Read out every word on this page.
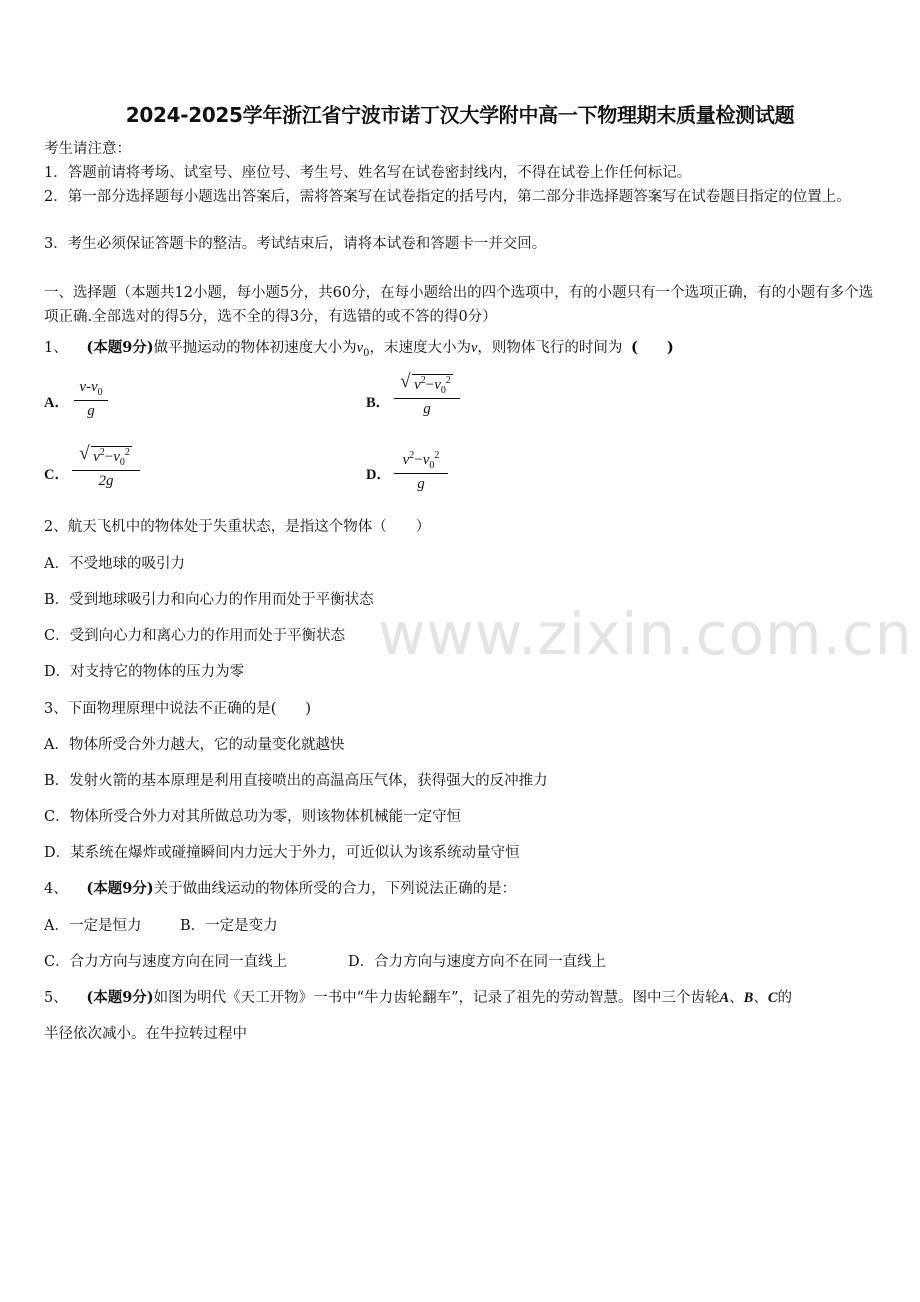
2024-2025学年浙江省宁波市诺丁汉大学附中高一下物理期末质量检测试题
考生请注意：
1．答题前请将考场、试室号、座位号、考生号、姓名写在试卷密封线内，不得在试卷上作任何标记。
2．第一部分选择题每小题选出答案后，需将答案写在试卷指定的括号内，第二部分非选择题答案写在试卷题目指定的位置上。
3．考生必须保证答题卡的整洁。考试结束后，请将本试卷和答题卡一并交回。
一、选择题（本题共12小题，每小题5分，共60分，在每小题给出的四个选项中，有的小题只有一个选项正确，有的小题有多个选项正确.全部选对的得5分，选不全的得3分，有选错的或不答的得0分）
1、 (本题9分)做平抛运动的物体初速度大小为$v_0$，末速度大小为v，则物体飞行的时间为 (　　)
A．
$v-v_0$
g	B．
√ $v^2-v_0^2$
g
C．
√ $v^2-v_0^2$
2g	D．
$v^2-v_0^2$
g
2、航天飞机中的物体处于失重状态，是指这个物体（　　）
A．不受地球的吸引力
B．受到地球吸引力和向心力的作用而处于平衡状态
C．受到向心力和离心力的作用而处于平衡状态
D．对支持它的物体的压力为零
3、下面物理原理中说法不正确的是(　　)
A．物体所受合外力越大，它的动量变化就越快
B．发射火箭的基本原理是利用直接喷出的高温高压气体，获得强大的反冲推力
C．物体所受合外力对其所做总功为零，则该物体机械能一定守恒
D．某系统在爆炸或碰撞瞬间内力远大于外力，可近似认为该系统动量守恒
4、 (本题9分)关于做曲线运动的物体所受的合力，下列说法正确的是：
A．一定是恒力	B．一定是变力
C．合力方向与速度方向在同一直线上	D．合力方向与速度方向不在同一直线上
5、 (本题9分)如图为明代《天工开物》一书中“牛力齿轮翻车”，记录了祖先的劳动智慧。图中三个齿轮A、B、C的
半径依次减小。在牛拉转过程中
www.zixin.com.cn
